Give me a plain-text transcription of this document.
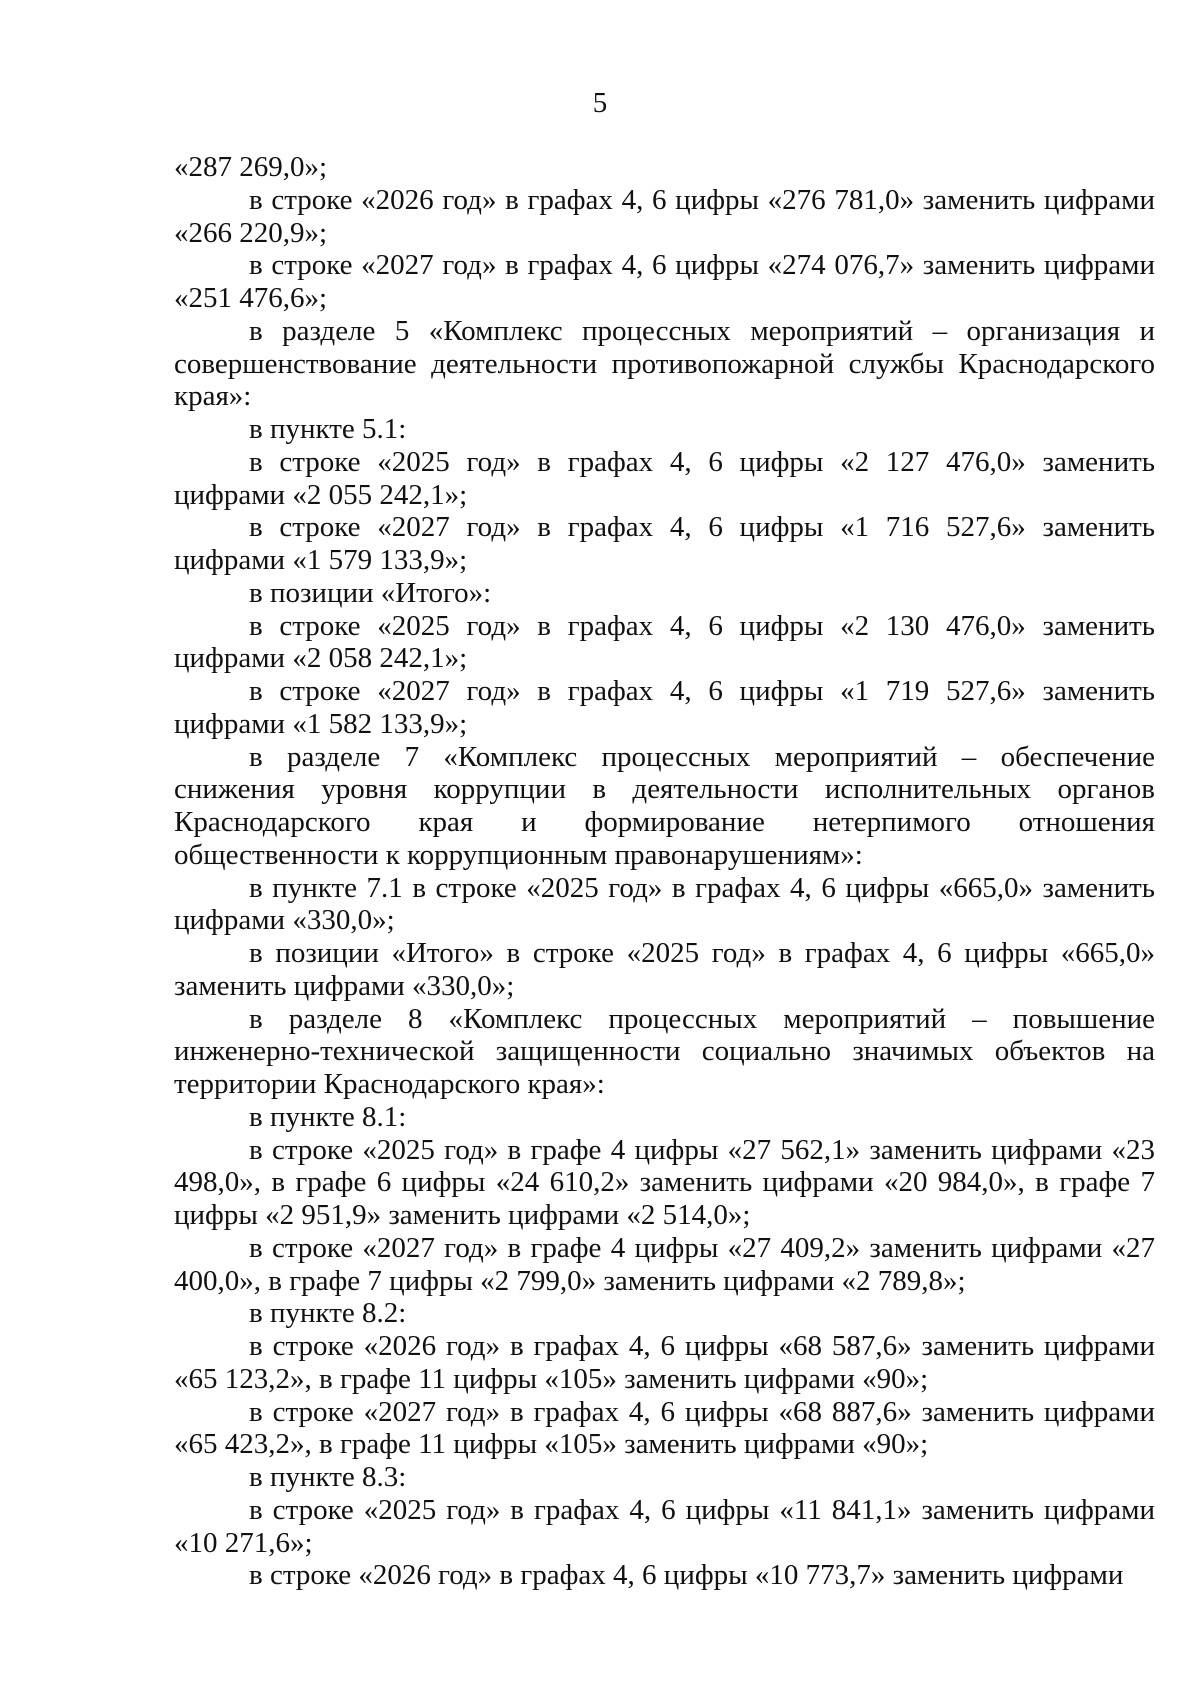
5

«287 269,0»;

в строке «2026 год» в графах 4, 6 цифры «276 781,0» заменить цифрами «266 220,9»;

в строке «2027 год» в графах 4, 6 цифры «274 076,7» заменить цифрами «251 476,6»;

в разделе 5 «Комплекс процессных мероприятий – организация и совершенствование деятельности противопожарной службы Краснодарского края»:

в пункте 5.1:

в строке «2025 год» в графах 4, 6 цифры «2 127 476,0» заменить цифрами «2 055 242,1»;

в строке «2027 год» в графах 4, 6 цифры «1 716 527,6» заменить цифрами «1 579 133,9»;

в позиции «Итого»:

в строке «2025 год» в графах 4, 6 цифры «2 130 476,0» заменить цифрами «2 058 242,1»;

в строке «2027 год» в графах 4, 6 цифры «1 719 527,6» заменить цифрами «1 582 133,9»;

в разделе 7 «Комплекс процессных мероприятий – обеспечение снижения уровня коррупции в деятельности исполнительных органов Краснодарского края и формирование нетерпимого отношения общественности к коррупционным правонарушениям»:

в пункте 7.1 в строке «2025 год» в графах 4, 6 цифры «665,0» заменить цифрами «330,0»;

в позиции «Итого» в строке «2025 год» в графах 4, 6 цифры «665,0» заменить цифрами «330,0»;

в разделе 8 «Комплекс процессных мероприятий – повышение инженерно-технической защищенности социально значимых объектов на территории Краснодарского края»:

в пункте 8.1:

в строке «2025 год» в графе 4 цифры «27 562,1» заменить цифрами «23 498,0», в графе 6 цифры «24 610,2» заменить цифрами «20 984,0», в графе 7 цифры «2 951,9» заменить цифрами «2 514,0»;

в строке «2027 год» в графе 4 цифры «27 409,2» заменить цифрами «27 400,0», в графе 7 цифры «2 799,0» заменить цифрами «2 789,8»;

в пункте 8.2:

в строке «2026 год» в графах 4, 6 цифры «68 587,6» заменить цифрами «65 123,2», в графе 11 цифры «105» заменить цифрами «90»;

в строке «2027 год» в графах 4, 6 цифры «68 887,6» заменить цифрами «65 423,2», в графе 11 цифры «105» заменить цифрами «90»;

в пункте 8.3:

в строке «2025 год» в графах 4, 6 цифры «11 841,1» заменить цифрами «10 271,6»;

в строке «2026 год» в графах 4, 6 цифры «10 773,7» заменить цифрами
